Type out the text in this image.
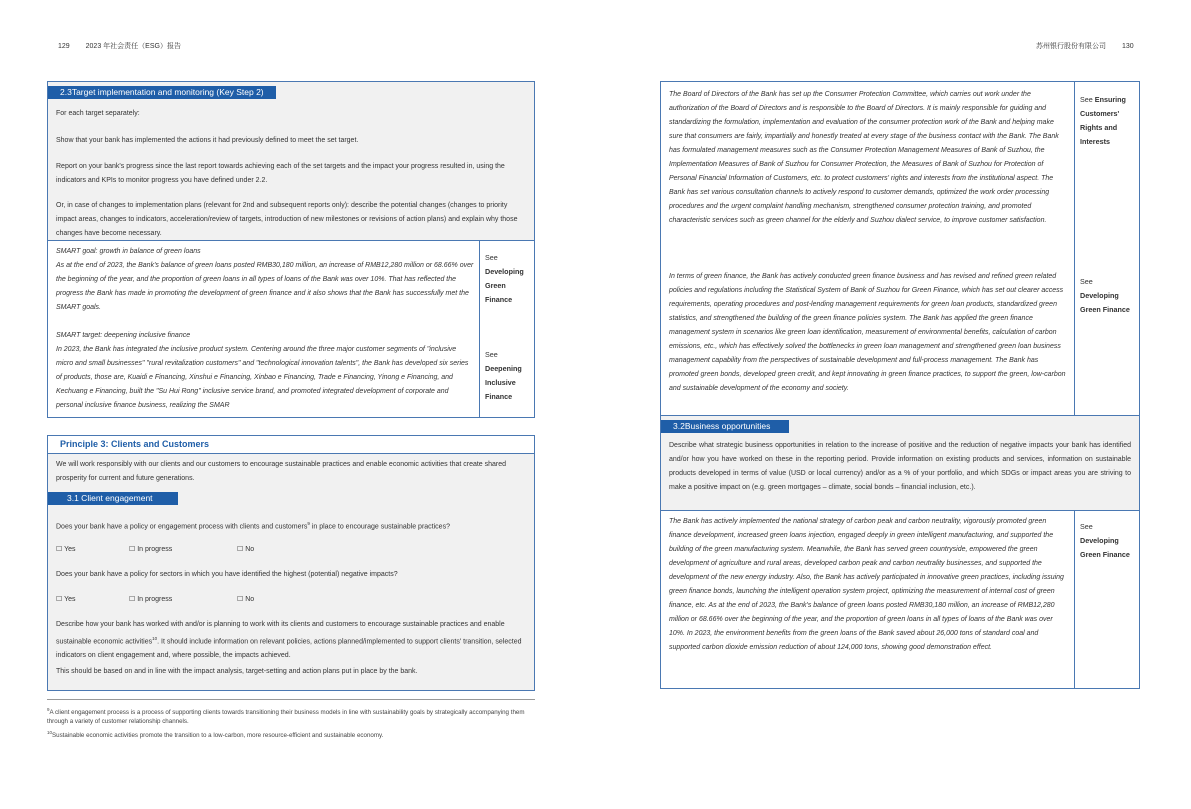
129 2023 年社会责任（ESG）报告	苏州银行股份有限公司 130
2.3Target implementation and monitoring (Key Step 2)

For each target separately:

Show that your bank has implemented the actions it had previously defined to meet the set target.

Report on your bank's progress since the last report towards achieving each of the set targets and the impact your progress resulted in, using the indicators and KPIs to monitor progress you have defined under 2.2.

Or, in case of changes to implementation plans (relevant for 2nd and subsequent reports only): describe the potential changes (changes to priority impact areas, changes to indicators, acceleration/review of targets, introduction of new milestones or revisions of action plans) and explain why those changes have become necessary.

SMART goal: growth in balance of green loans

As at the end of 2023, the Bank's balance of green loans posted RMB30,180 million, an increase of RMB12,280 million or 68.66% over the beginning of the year, and the proportion of green loans in all types of loans of the Bank was over 10%. That has reflected the progress the Bank has made in promoting the development of green finance and it also shows that the Bank has successfully met the SMART goals.

See
Developing Green Finance

SMART target: deepening inclusive finance

In 2023, the Bank has integrated the inclusive product system. Centering around the three major customer segments of "inclusive micro and small businesses" "rural revitalization customers" and "technological innovation talents", the Bank has developed six series of products, those are, Kuaidi e Financing, Xinshui e Financing, Xinbao e Financing, Trade e Financing, Yinong e Financing, and Kechuang e Financing, built the "Su Hui Rong" inclusive service brand, and promoted integrated development of corporate and personal inclusive finance business, realizing the SMAR

See
Deepening Inclusive Finance
Principle 3: Clients and Customers

We will work responsibly with our clients and our customers to encourage sustainable practices and enable economic activities that create shared prosperity for current and future generations.

3.1 Client engagement

Does your bank have a policy or engagement process with clients and customers$^9$ in place to encourage sustainable practices?

☐ Yes	☐ In progress	☐ No

Does your bank have a policy for sectors in which you have identified the highest (potential) negative impacts?

☐ Yes	☐ In progress	☐ No

Describe how your bank has worked with and/or is planning to work with its clients and customers to encourage sustainable practices and enable sustainable economic activities$^{10}$. It should include information on relevant policies, actions planned/implemented to support clients' transition, selected indicators on client engagement and, where possible, the impacts achieved.

This should be based on and in line with the impact analysis, target-setting and action plans put in place by the bank.

$^9$A client engagement process is a process of supporting clients towards transitioning their business models in line with sustainability goals by strategically accompanying them through a variety of customer relationship channels.
$^{10}$Sustainable economic activities promote the transition to a low-carbon, more resource-efficient and sustainable economy.

The Board of Directors of the Bank has set up the Consumer Protection Committee, which carries out work under the authorization of the Board of Directors and is responsible to the Board of Directors. It is mainly responsible for guiding and standardizing the formulation, implementation and evaluation of the consumer protection work of the Bank and helping make sure that consumers are fairly, impartially and honestly treated at every stage of the business contact with the Bank. The Bank has formulated management measures such as the Consumer Protection Management Measures of Bank of Suzhou, the Implementation Measures of Bank of Suzhou for Consumer Protection, the Measures of Bank of Suzhou for Protection of Personal Financial Information of Customers, etc. to protect customers' rights and interests from the institutional aspect. The Bank has set various consultation channels to actively respond to customer demands, optimized the work order processing procedures and the urgent complaint handling mechanism, strengthened consumer protection training, and promoted characteristic services such as green channel for the elderly and Suzhou dialect service, to improve customer satisfaction.

See Ensuring Customers' Rights and Interests

In terms of green finance, the Bank has actively conducted green finance business and has revised and refined green related policies and regulations including the Statistical System of Bank of Suzhou for Green Finance, which has set out clearer access requirements, operating procedures and post-lending management requirements for green loan products, standardized green statistics, and strengthened the building of the green finance policies system. The Bank has applied the green finance management system in scenarios like green loan identification, measurement of environmental benefits, calculation of carbon emissions, etc., which has effectively solved the bottlenecks in green loan management and strengthened green loan business management capability from the perspectives of sustainable development and full-process management. The Bank has promoted green bonds, developed green credit, and kept innovating in green finance practices, to support the green, low-carbon and sustainable development of the economy and society.

See
Developing Green Finance
3.2Business opportunities

Describe what strategic business opportunities in relation to the increase of positive and the reduction of negative impacts your bank has identified and/or how you have worked on these in the reporting period. Provide information on existing products and services, information on sustainable products developed in terms of value (USD or local currency) and/or as a % of your portfolio, and which SDGs or impact areas you are striving to make a positive impact on (e.g. green mortgages – climate, social bonds – financial inclusion, etc.).

The Bank has actively implemented the national strategy of carbon peak and carbon neutrality, vigorously promoted green finance development, increased green loans injection, engaged deeply in green intelligent manufacturing, and supported the building of the green manufacturing system. Meanwhile, the Bank has served green countryside, empowered the green development of agriculture and rural areas, developed carbon peak and carbon neutrality businesses, and supported the development of the new energy industry. Also, the Bank has actively participated in innovative green practices, including issuing green finance bonds, launching the intelligent operation system project, optimizing the measurement of internal cost of green finance, etc. As at the end of 2023, the Bank's balance of green loans posted RMB30,180 million, an increase of RMB12,280 million or 68.66% over the beginning of the year, and the proportion of green loans in all types of loans of the Bank was over 10%. In 2023, the environment benefits from the green loans of the Bank saved about 26,000 tons of standard coal and supported carbon dioxide emission reduction of about 124,000 tons, showing good demonstration effect.

See
Developing Green Finance
